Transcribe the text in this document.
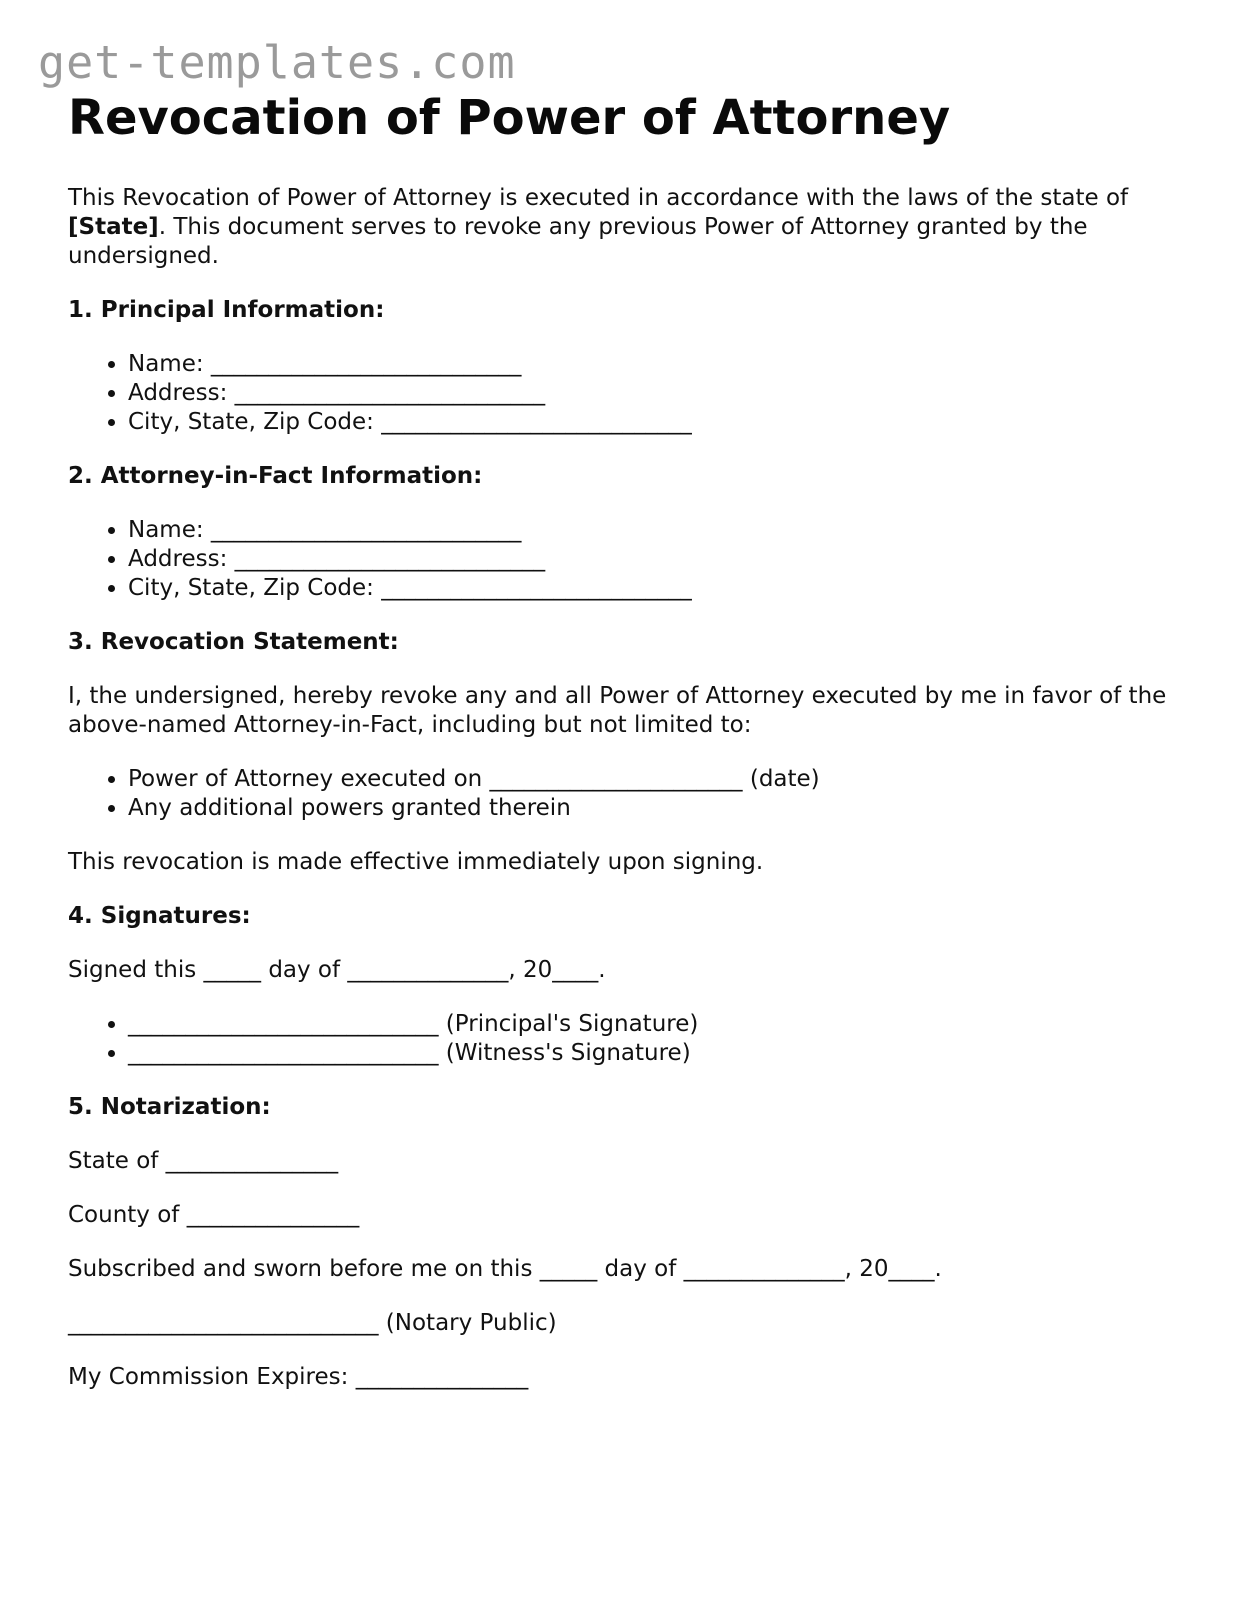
get-templates.com
Revocation of Power of Attorney

This Revocation of Power of Attorney is executed in accordance with the laws of the state of [State]. This document serves to revoke any previous Power of Attorney granted by the undersigned.

1. Principal Information:
• Name: ___________________________
• Address: ___________________________
• City, State, Zip Code: ___________________________
2. Attorney-in-Fact Information:
• Name: ___________________________
• Address: ___________________________
• City, State, Zip Code: ___________________________
3. Revocation Statement:

I, the undersigned, hereby revoke any and all Power of Attorney executed by me in favor of the above-named Attorney-in-Fact, including but not limited to:

• Power of Attorney executed on ______________________ (date)
• Any additional powers granted therein

This revocation is made effective immediately upon signing.

4. Signatures:

Signed this _____ day of ______________, 20____.

• ___________________________ (Principal's Signature)
• ___________________________ (Witness's Signature)
5. Notarization:

State of _______________

County of _______________

Subscribed and sworn before me on this _____ day of ______________, 20____.

___________________________ (Notary Public)

My Commission Expires: _______________
